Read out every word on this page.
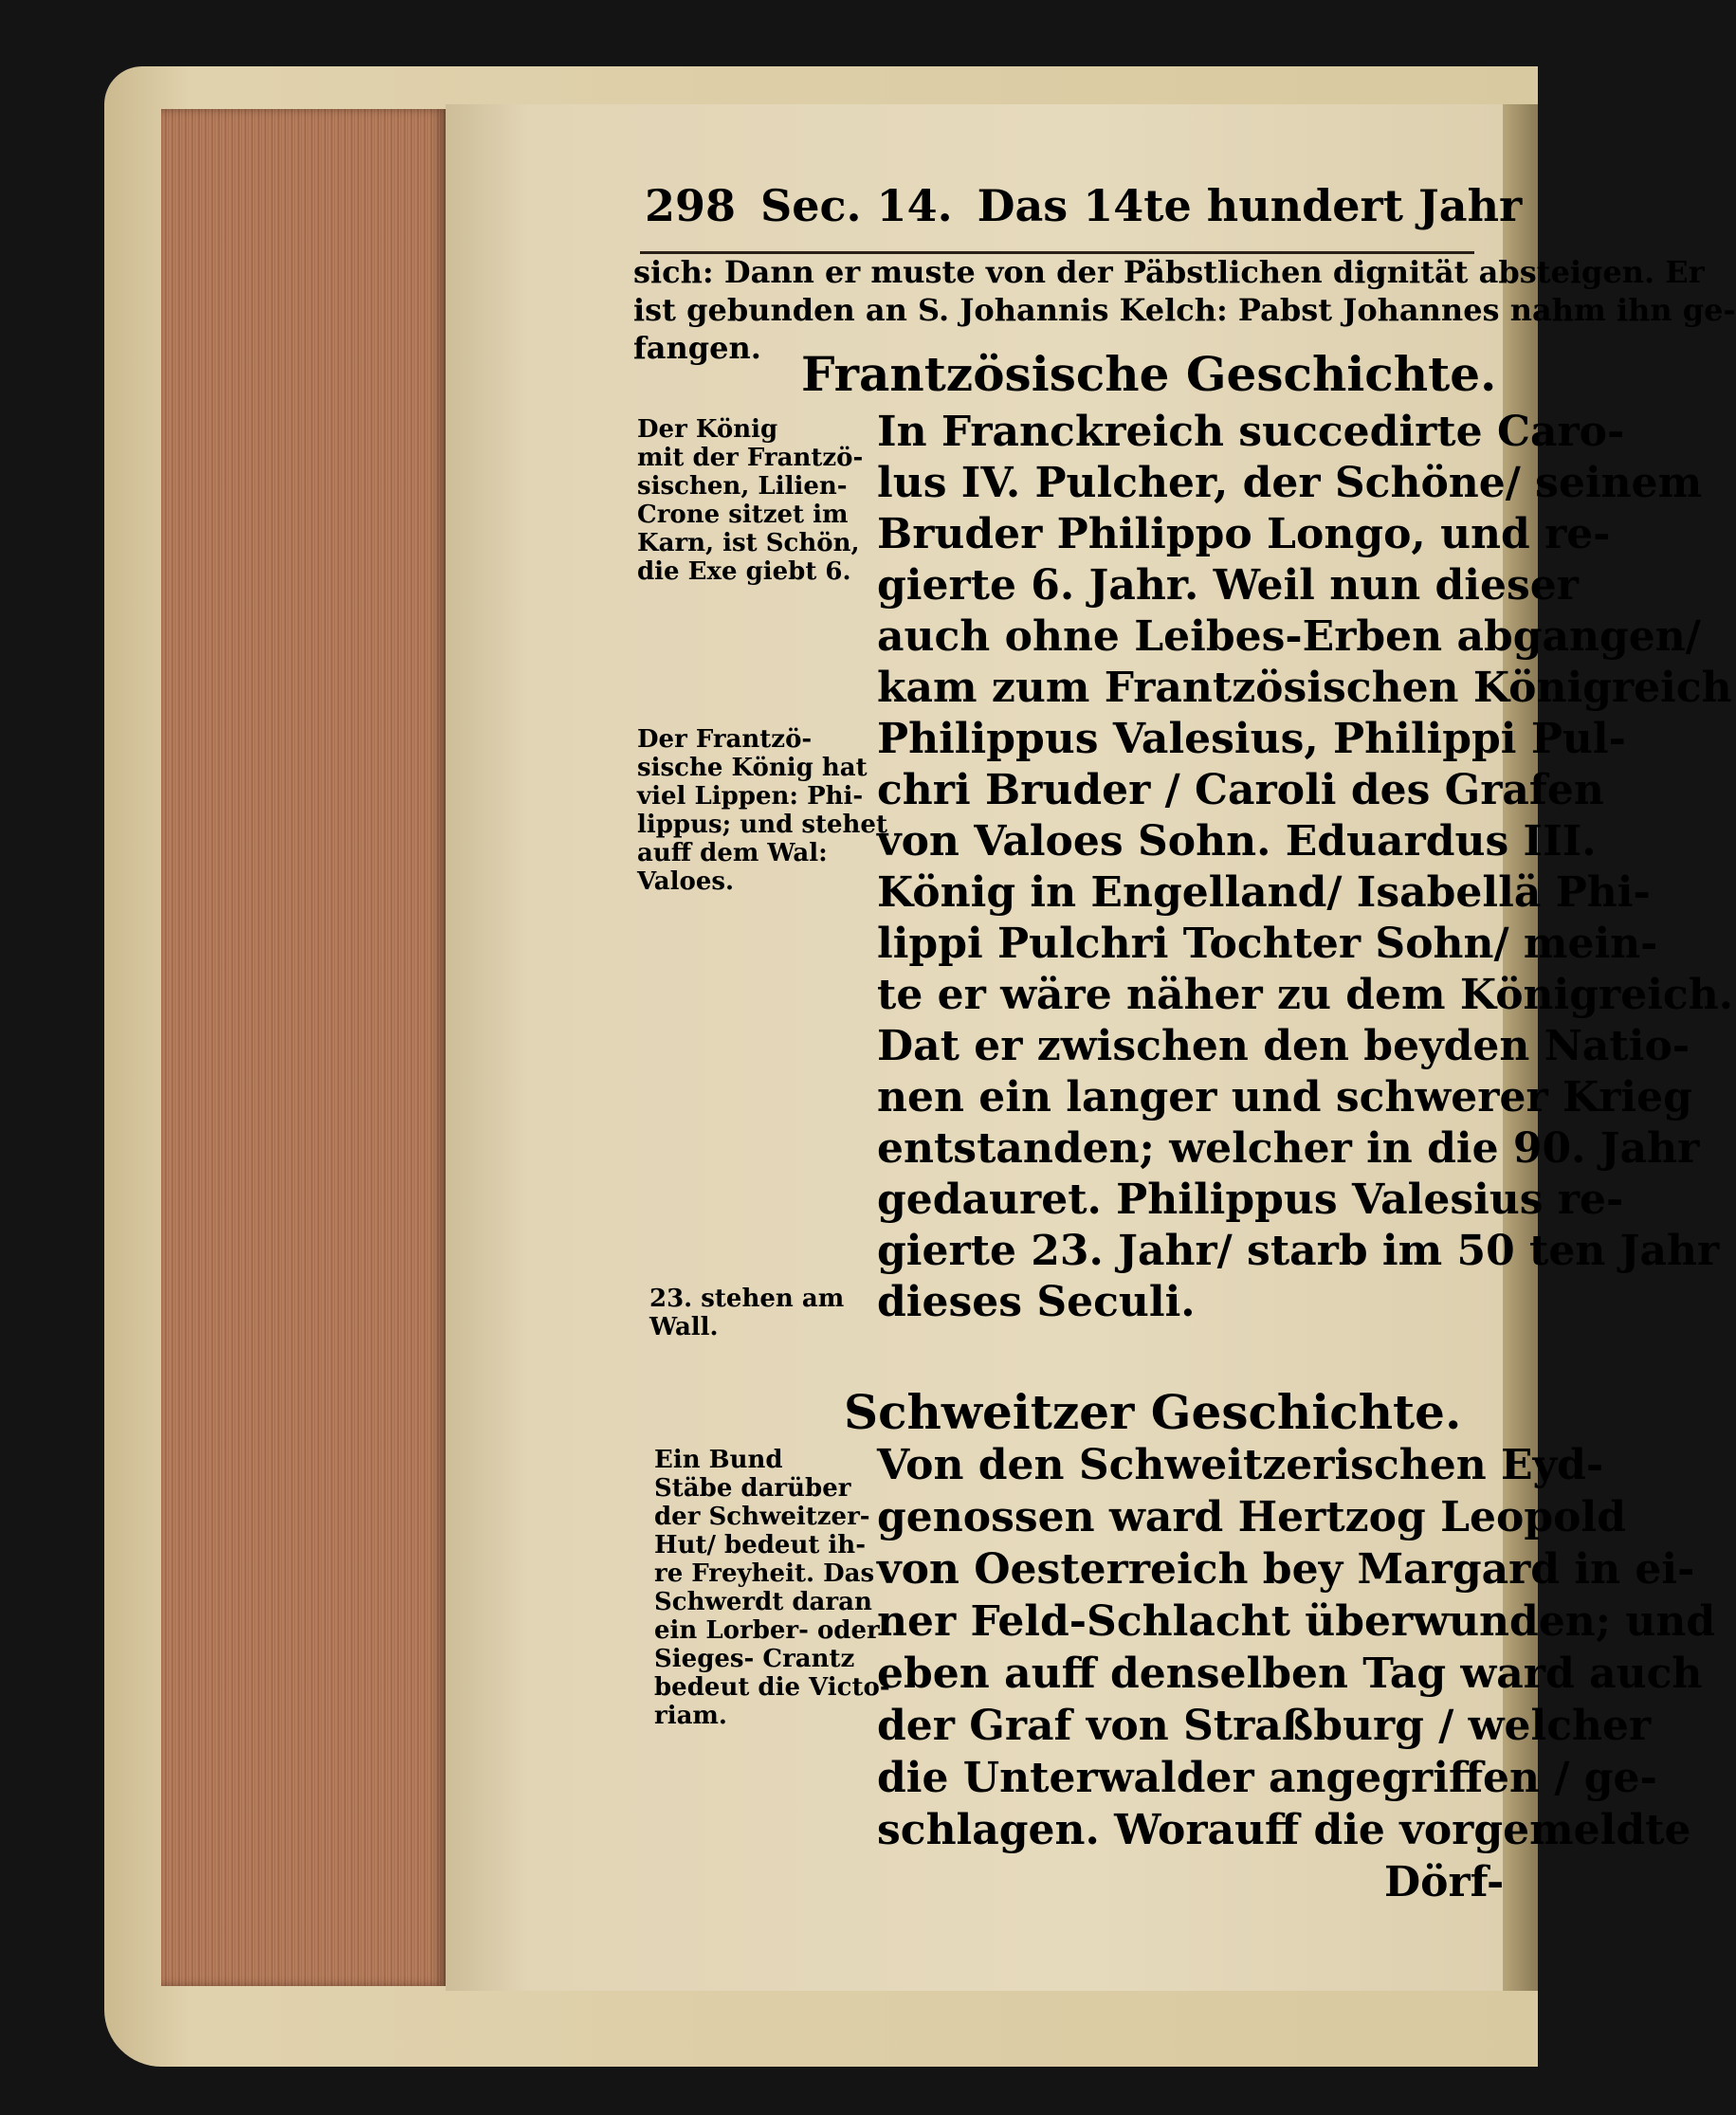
298 Sec. 14. Das 14te hundert Jahr
sich: Dann er muste von der Päbstlichen dignität absteigen. Er
ist gebunden an S. Johannis Kelch: Pabst Johannes nahm ihn ge-
fangen. Frantzösische Geschichte.
In Franckreich succedirte Caro-
lus IV. Pulcher, der Schöne/ seinem
Bruder Philippo Longo, und re-
gierte 6. Jahr. Weil nun dieser
auch ohne Leibes-Erben abgangen/
kam zum Frantzösischen Königreich
Philippus Valesius, Philippi Pul-
chri Bruder / Caroli des Grafen
von Valoes Sohn. Eduardus III.
König in Engelland/ Isabellä Phi-
lippi Pulchri Tochter Sohn/ mein-
te er wäre näher zu dem Königreich.
Dat er zwischen den beyden Natio-
nen ein langer und schwerer Krieg
entstanden; welcher in die 90. Jahr
gedauret. Philippus Valesius re-
gierte 23. Jahr/ starb im 50 ten Jahr
dieses Seculi.
Der König
mit der Frantzö-
sischen, Lilien-
Crone sitzet im
Karn, ist Schön,
die Exe giebt 6.
Der Frantzö-
sische König hat
viel Lippen: Phi-
lippus; und stehet
auff dem Wal:
Valoes.
23. stehen am
Wall.
Schweitzer Geschichte.
Von den Schweitzerischen Eyd-
genossen ward Hertzog Leopold
von Oesterreich bey Margard in ei-
ner Feld-Schlacht überwunden; und
eben auff denselben Tag ward auch
der Graf von Straßburg / welcher
die Unterwalder angegriffen / ge-
schlagen. Worauff die vorgemeldte
Dörf-
Ein Bund
Stäbe darüber
der Schweitzer-
Hut/ bedeut ih-
re Freyheit. Das
Schwerdt daran
ein Lorber- oder
Sieges- Crantz
bedeut die Victo-
riam.
